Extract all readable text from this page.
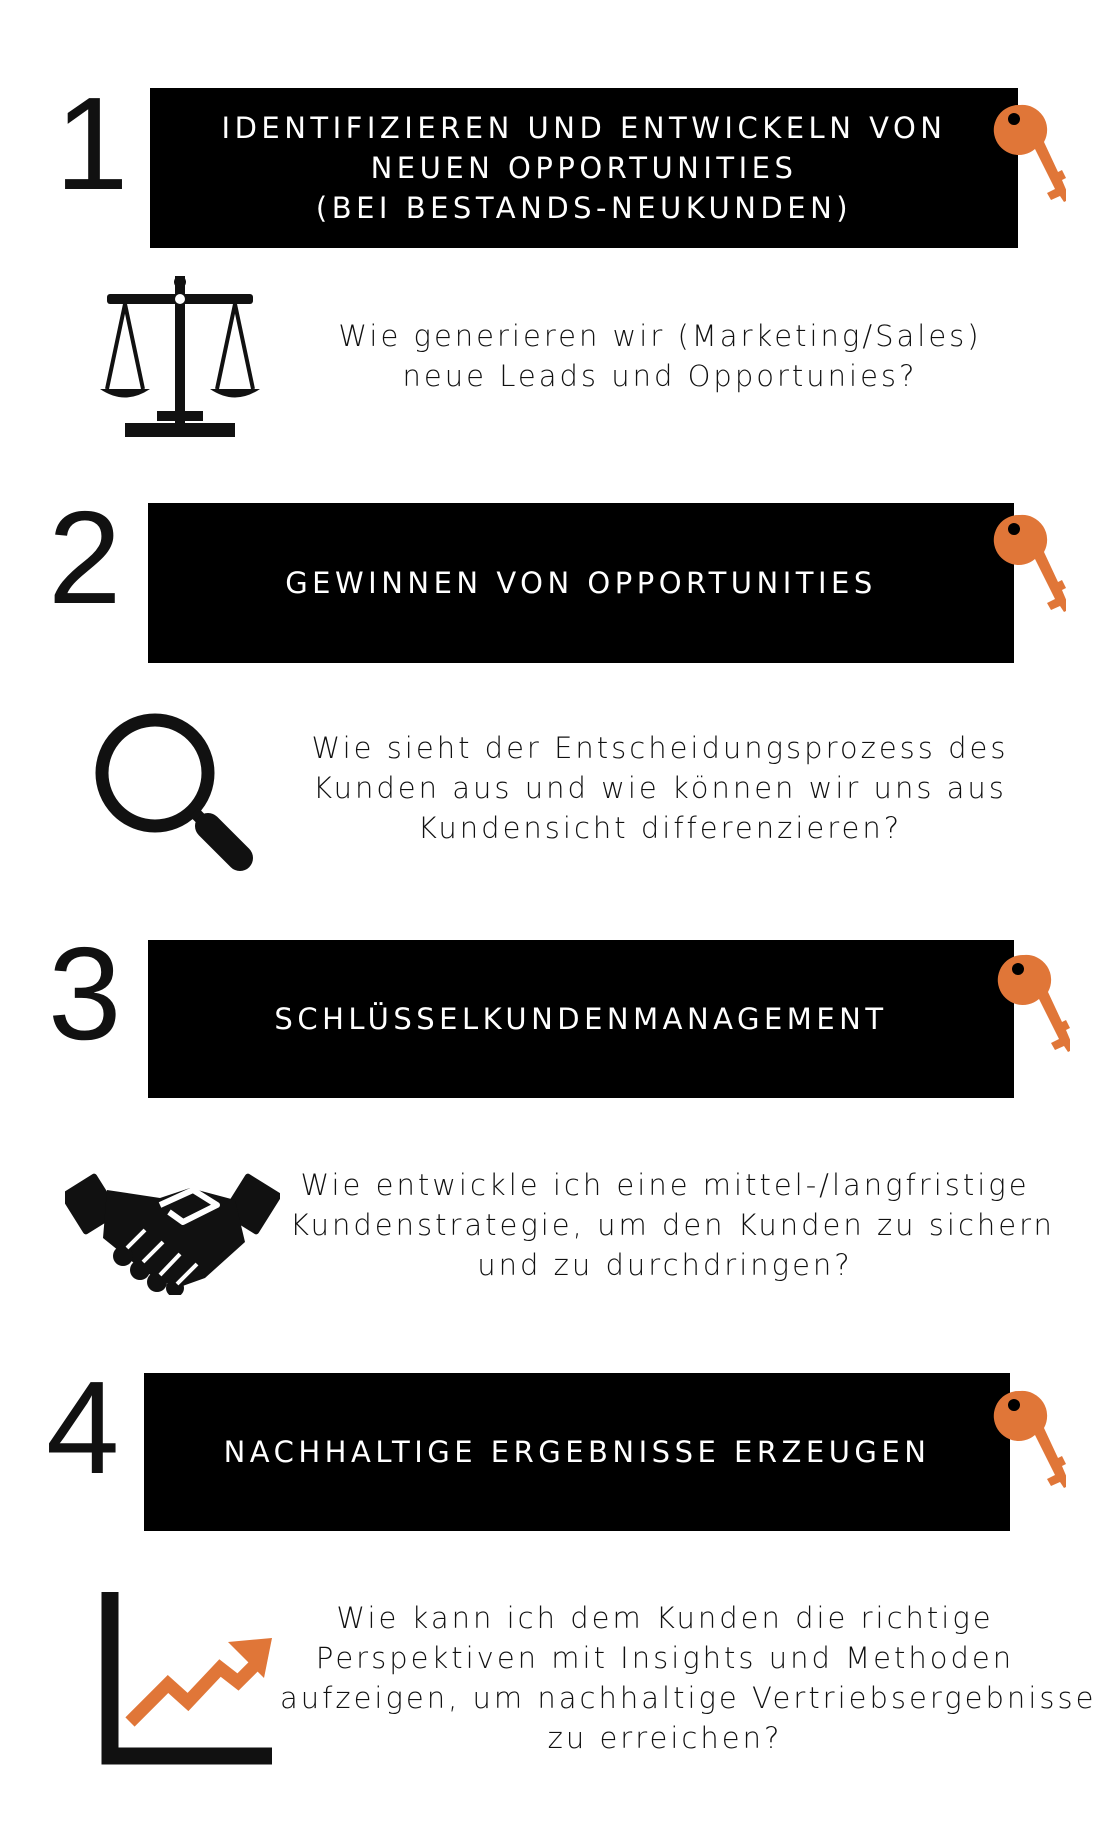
1	IDENTIFIZIEREN UND ENTWICKELN VON
NEUEN OPPORTUNITIES
(BEI BESTANDS-NEUKUNDEN)
Wie generieren wir (Marketing/Sales)
neue Leads und Opportunies?
2	GEWINNEN VON OPPORTUNITIES
Wie sieht der Entscheidungsprozess des
Kunden aus und wie können wir uns aus
Kundensicht differenzieren?
3	SCHLÜSSELKUNDENMANAGEMENT
Wie entwickle ich eine mittel-/langfristige
Kundenstrategie, um den Kunden zu sichern
und zu durchdringen?
4	NACHHALTIGE ERGEBNISSE ERZEUGEN
Wie kann ich dem Kunden die richtige
Perspektiven mit Insights und Methoden
aufzeigen, um nachhaltige Vertriebsergebnisse
zu erreichen?
